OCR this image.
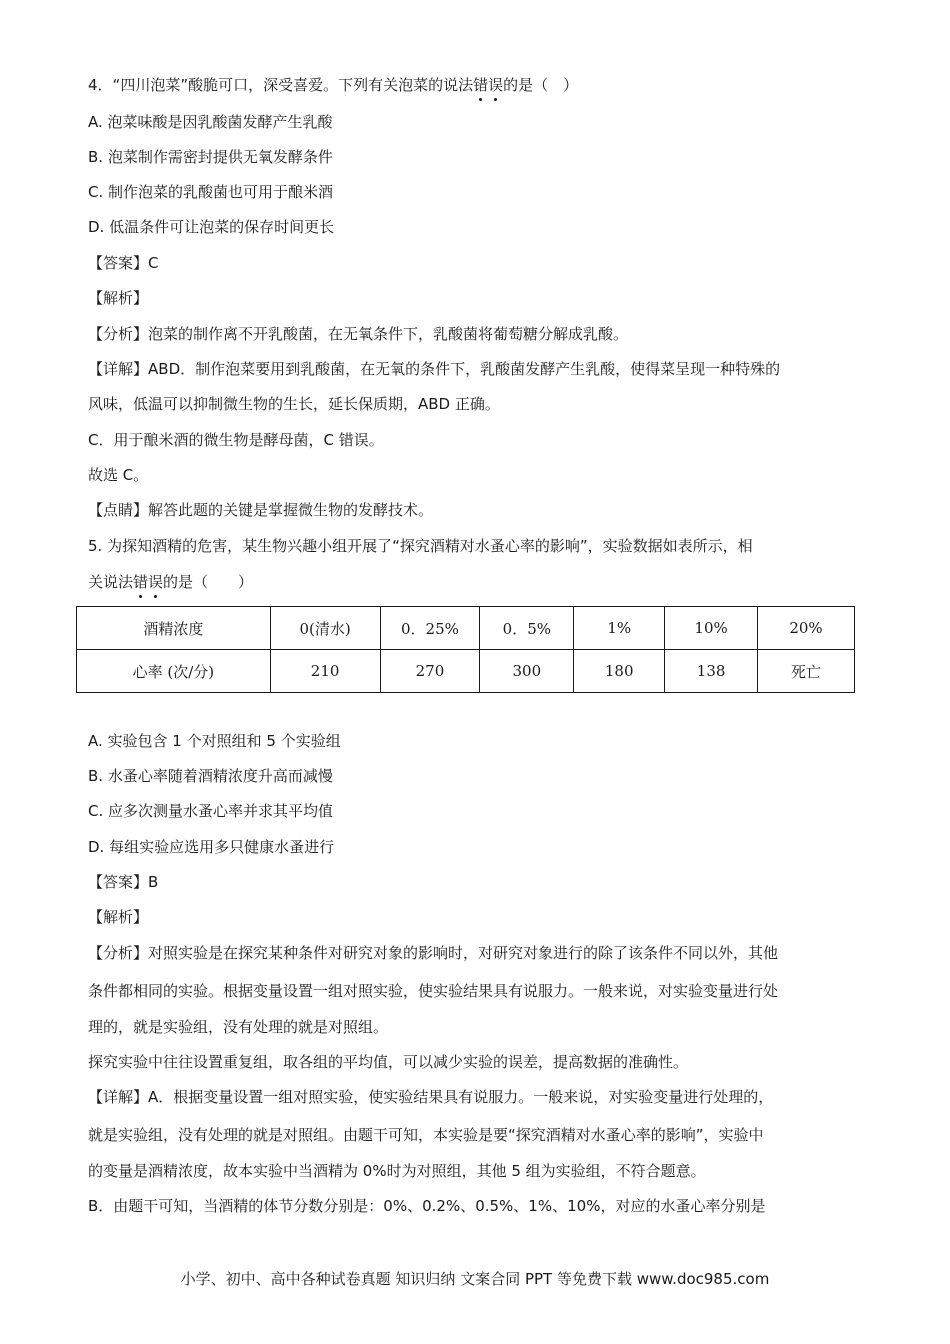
4．“四川泡菜”酸脆可口，深受喜爱。下列有关泡菜的说法错误的是（　）
A. 泡菜味酸是因乳酸菌发酵产生乳酸
B. 泡菜制作需密封提供无氧发酵条件
C. 制作泡菜的乳酸菌也可用于酿米酒
D. 低温条件可让泡菜的保存时间更长
【答案】C
【解析】
【分析】泡菜的制作离不开乳酸菌，在无氧条件下，乳酸菌将葡萄糖分解成乳酸。
【详解】ABD．制作泡菜要用到乳酸菌，在无氧的条件下，乳酸菌发酵产生乳酸，使得菜呈现一种特殊的
风味，低温可以抑制微生物的生长，延长保质期，ABD 正确。
C．用于酿米酒的微生物是酵母菌，C 错误。
故选 C。
【点睛】解答此题的关键是掌握微生物的发酵技术。
5. 为探知酒精的危害，某生物兴趣小组开展了“探究酒精对水蚤心率的影响”，实验数据如表所示，相
关说法错误的是（　　）
酒精浓度	0(清水)	0．25%	0．5%	1%	10%	20%
心率 (次/分)	210	270	300	180	138	死亡
A. 实验包含 1 个对照组和 5 个实验组
B. 水蚤心率随着酒精浓度升高而减慢
C. 应多次测量水蚤心率并求其平均值
D. 每组实验应选用多只健康水蚤进行
【答案】B
【解析】
【分析】对照实验是在探究某种条件对研究对象的影响时，对研究对象进行的除了该条件不同以外，其他
条件都相同的实验。根据变量设置一组对照实验，使实验结果具有说服力。一般来说，对实验变量进行处
理的，就是实验组，没有处理的就是对照组。
探究实验中往往设置重复组，取各组的平均值，可以减少实验的误差，提高数据的准确性。
【详解】A．根据变量设置一组对照实验，使实验结果具有说服力。一般来说，对实验变量进行处理的，
就是实验组，没有处理的就是对照组。由题干可知，本实验是要“探究酒精对水蚤心率的影响”，实验中
的变量是酒精浓度，故本实验中当酒精为 0%时为对照组，其他 5 组为实验组，不符合题意。
B．由题干可知，当酒精的体节分数分别是：0%、0.2%、0.5%、1%、10%，对应的水蚤心率分别是
小学、初中、高中各种试卷真题 知识归纳 文案合同 PPT 等免费下载 www.doc985.com
